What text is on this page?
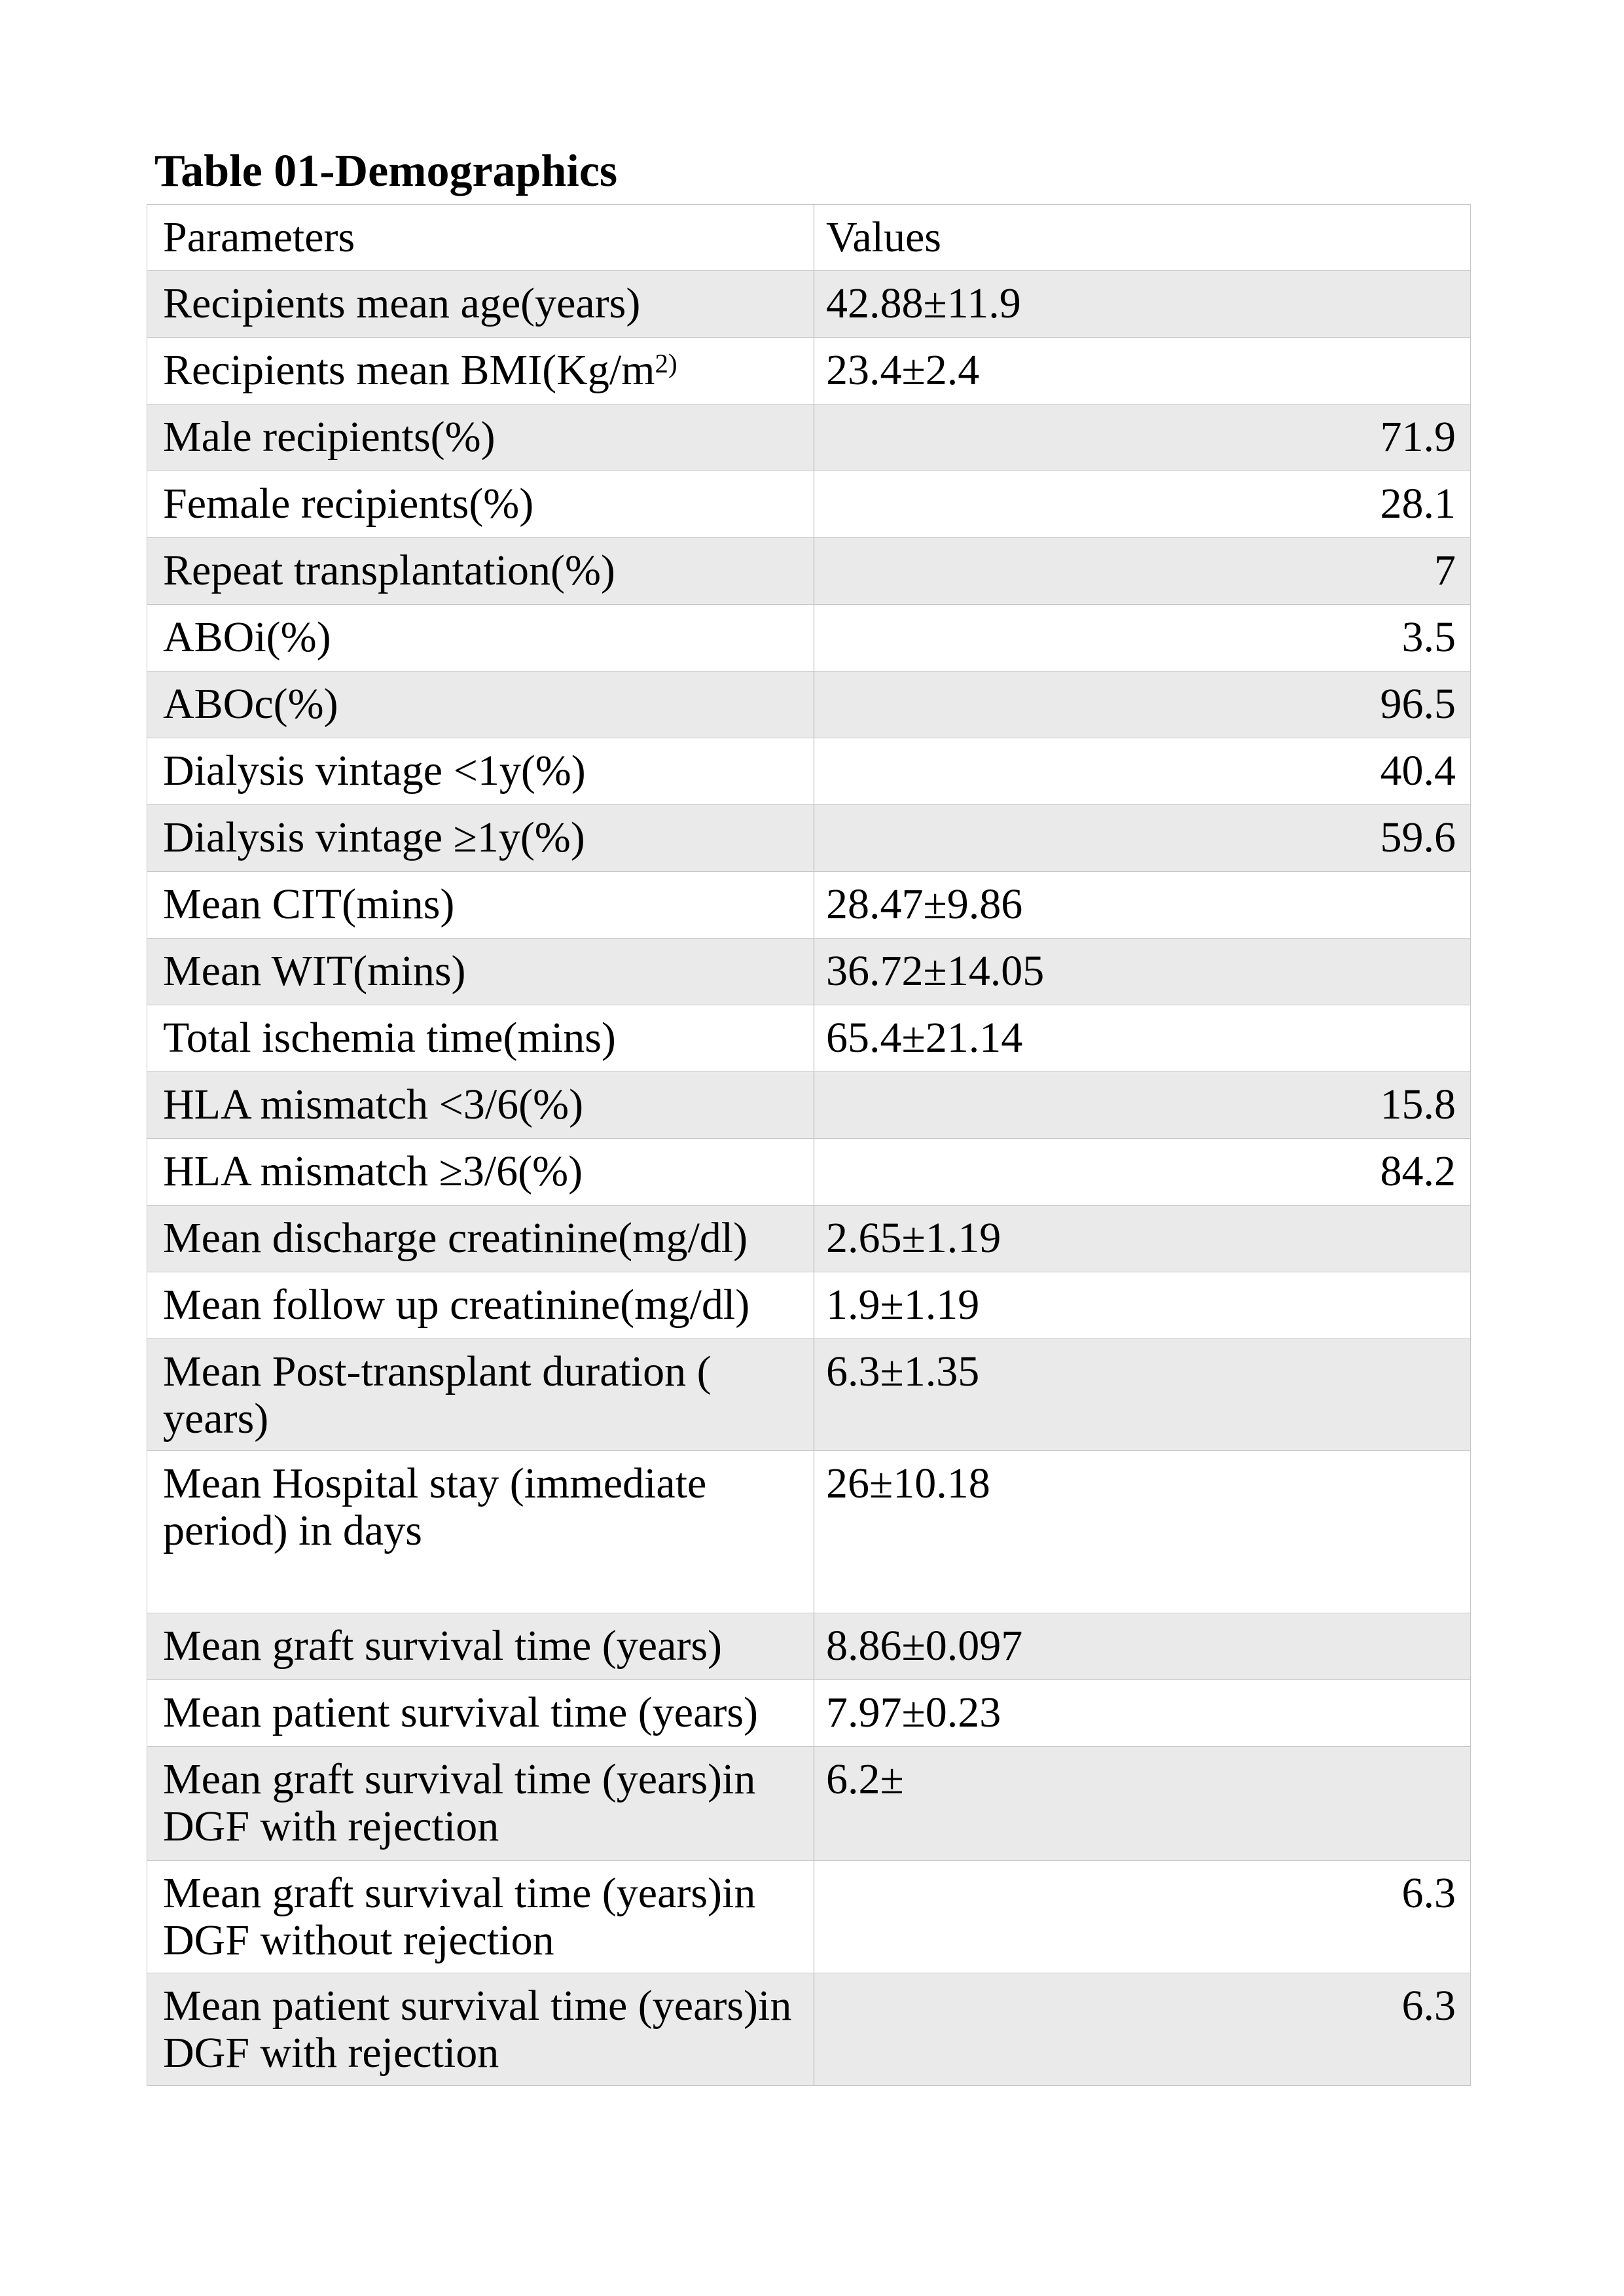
Table 01-Demographics
Parameters	Values
Recipients mean age(years)	42.88±11.9
Recipients mean $BMI(Kg/m^{2)}$	23.4±2.4
Male recipients(%)	71.9
Female recipients(%)	28.1
Repeat transplantation(%)	7
ABOi(%)	3.5
ABOc(%)	96.5
Dialysis vintage <1y(%)	40.4
Dialysis vintage ≥1y(%)	59.6
Mean CIT(mins)	28.47±9.86
Mean WIT(mins)	36.72±14.05
Total ischemia time(mins)	65.4±21.14
HLA mismatch <3/6(%)	15.8
HLA mismatch ≥3/6(%)	84.2
Mean discharge creatinine(mg/dl)	2.65±1.19
Mean follow up creatinine(mg/dl)	1.9±1.19
Mean Post-transplant duration ( years)	6.3±1.35
Mean Hospital stay (immediate period) in days	26±10.18
Mean graft survival time (years)	8.86±0.097
Mean patient survival time (years)	7.97±0.23
Mean graft survival time (years)in DGF with rejection	6.2±
Mean graft survival time (years)in DGF without rejection	6.3
Mean patient survival time (years)in DGF with rejection	6.3
